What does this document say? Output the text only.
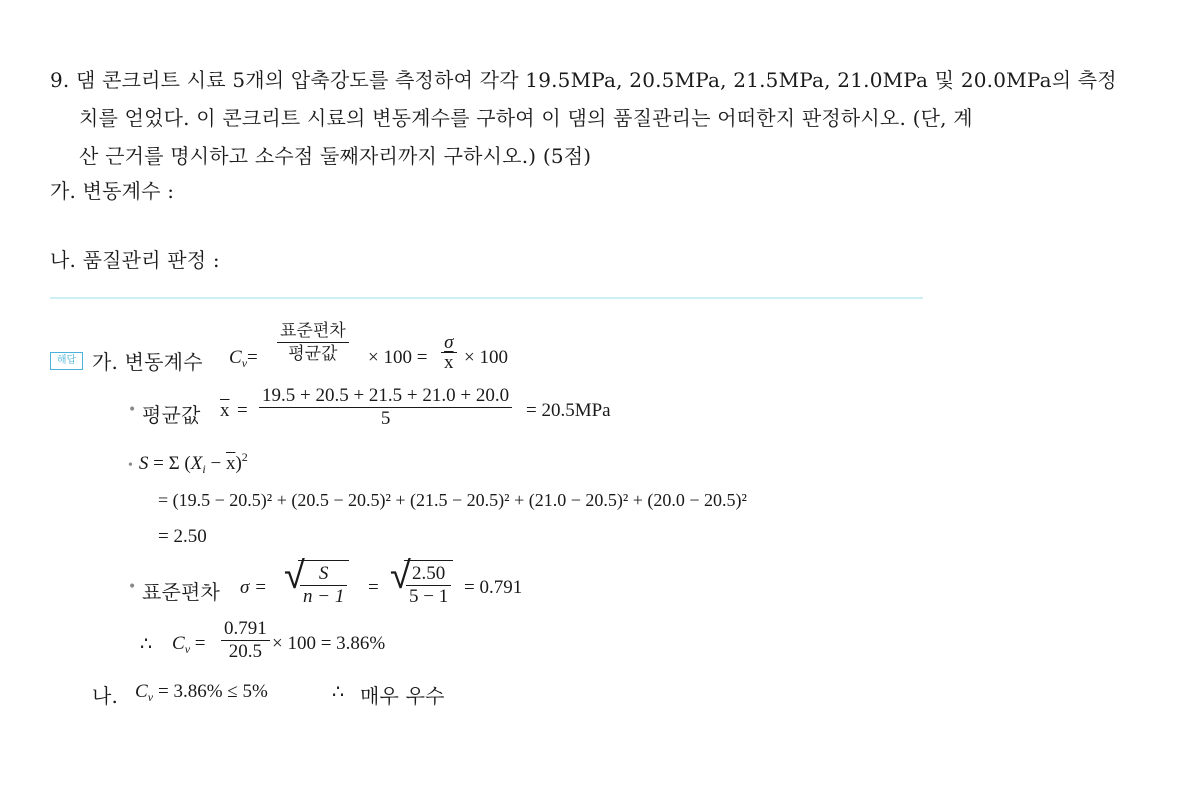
9. 댐 콘크리트 시료 5개의 압축강도를 측정하여 각각 19.5MPa, 20.5MPa, 21.5MPa, 21.0MPa 및 20.0MPa의 측정
치를 얻었다. 이 콘크리트 시료의 변동계수를 구하여 이 댐의 품질관리는 어떠한지 판정하시오. (단, 계
산 근거를 명시하고 소수점 둘째자리까지 구하시오.) (5점)
가. 변동계수 :
나. 품질관리 판정 :
해답 가. 변동계수 $C_v=$
표준편차
평균값	× $100 = \frac{\sigma}{x} \times 100$
• 평균값 $\overline{x} = \frac{19.5 + 20.5 + 21.5 + 21.0 + 20.0}{5} = 20.5MPa$
• S = Σ $(X_i - \overline{x})^2$
= (19.5 − 20.5)² + (20.5 − 20.5)² + (21.5 − 20.5)² + (21.0 − 20.5)² + (20.0 − 20.5)²
= 2.50
• 표준편차 σ = √
$\frac{S}{n - 1}$ = √
$\frac{2.50}{5 - 1} = 0.791$
∴ $C_v = \frac{0.791}{20.5} \times 100 = 3.86\%$
나. $C_v = 3.86\% \le 5\%$	∴ 매우 우수
